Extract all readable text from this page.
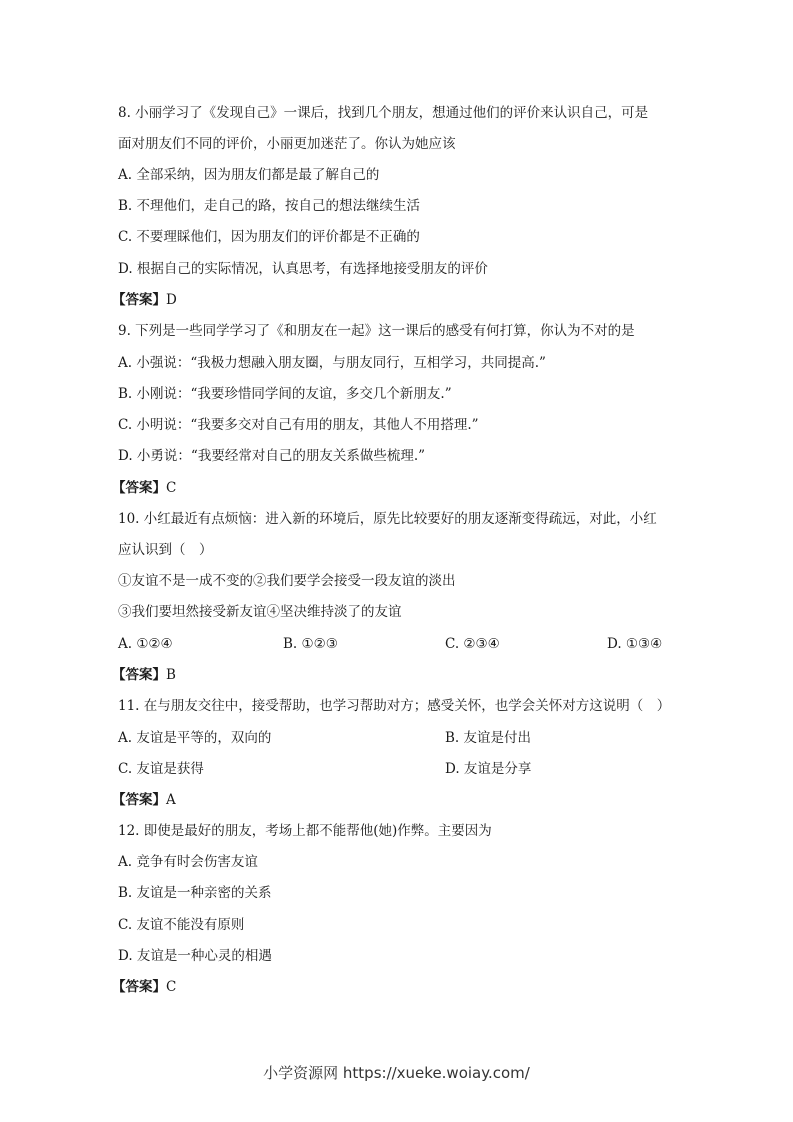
8. 小丽学习了《发现自己》一课后，找到几个朋友，想通过他们的评价来认识自己，可是
面对朋友们不同的评价，小丽更加迷茫了。你认为她应该
A. 全部采纳，因为朋友们都是最了解自己的
B. 不理他们，走自己的路，按自己的想法继续生活
C. 不要理睬他们，因为朋友们的评价都是不正确的
D. 根据自己的实际情况，认真思考，有选择地接受朋友的评价
【答案】D
9. 下列是一些同学学习了《和朋友在一起》这一课后的感受有何打算，你认为不对的是
A. 小强说：“我极力想融入朋友圈，与朋友同行，互相学习，共同提高.”
B. 小刚说：“我要珍惜同学间的友谊，多交几个新朋友.”
C. 小明说：“我要多交对自己有用的朋友，其他人不用搭理.”
D. 小勇说：“我要经常对自己的朋友关系做些梳理.”
【答案】C
10. 小红最近有点烦恼：进入新的环境后，原先比较要好的朋友逐渐变得疏远，对此，小红
应认识到（　）
①友谊不是一成不变的②我们要学会接受一段友谊的淡出
③我们要坦然接受新友谊④坚决维持淡了的友谊
A. ①②④	B. ①②③	C. ②③④	D. ①③④
【答案】B
11. 在与朋友交往中，接受帮助，也学习帮助对方；感受关怀，也学会关怀对方这说明（　）
A. 友谊是平等的，双向的	B. 友谊是付出
C. 友谊是获得	D. 友谊是分享
【答案】A
12. 即使是最好的朋友，考场上都不能帮他(她)作弊。主要因为
A. 竞争有时会伤害友谊
B. 友谊是一种亲密的关系
C. 友谊不能没有原则
D. 友谊是一种心灵的相遇
【答案】C
小学资源网 https://xueke.woiay.com/
